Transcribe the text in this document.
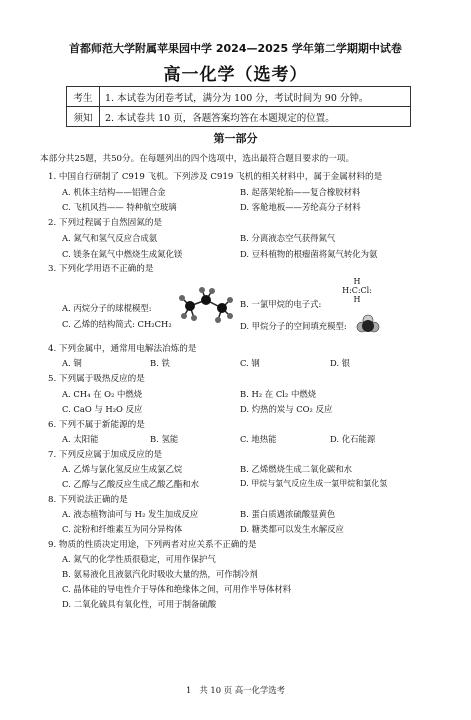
首都师范大学附属苹果园中学 2024—2025 学年第二学期期中试卷
高一化学（选考）
考生	1. 本试卷为闭卷考试，满分为 100 分，考试时间为 90 分钟。
须知	2. 本试卷共 10 页，各题答案均答在本题规定的位置。
第一部分
本部分共25题，共50分。在每题列出的四个选项中，选出最符合题目要求的一项。
1. 中国自行研制了 C919 飞机。下列涉及 C919 飞机的相关材料中，属于金属材料的是
A. 机体主结构——铝锂合金	B. 起落架轮胎——复合橡胶材料
C. 飞机风挡—— 特种航空玻璃	D. 客舱地板——芳纶高分子材料
2. 下列过程属于自然固氮的是
A. 氮气和氢气反应合成氨	B. 分离液态空气获得氮气
C. 镁条在氮气中燃烧生成氮化镁	D. 豆科植物的根瘤菌将氮气转化为氨
3. 下列化学用语不正确的是
A. 丙烷分子的球棍模型:	B. 一氯甲烷的电子式:
H
H:C:Cl:
H
C. 乙烯的结构简式: CH₂CH₂	D. 甲烷分子的空间填充模型:
4. 下列金属中，通常用电解法冶炼的是
A. 铜	B. 铁	C. 钢	D. 银
5. 下列属于吸热反应的是
A. CH₄ 在 O₂ 中燃烧	B. H₂ 在 Cl₂ 中燃烧
C. CaO 与 H₂O 反应	D. 灼热的炭与 CO₂ 反应
6. 下列不属于新能源的是
A. 太阳能	B. 氢能	C. 地热能	D. 化石能源
7. 下列反应属于加成反应的是
A. 乙烯与氯化氢反应生成氯乙烷	B. 乙烯燃烧生成二氧化碳和水
C. 乙醇与乙酸反应生成乙酸乙酯和水	D. 甲烷与氯气反应生成一氯甲烷和氯化氢
8. 下列说法正确的是
A. 液态植物油可与 H₂ 发生加成反应	B. 蛋白质遇浓硫酸显黄色
C. 淀粉和纤维素互为同分异构体	D. 糖类都可以发生水解反应
9. 物质的性质决定用途，下列两者对应关系不正确的是
A. 氮气的化学性质很稳定，可用作保护气
B. 氨易液化且液氨汽化时吸收大量的热，可作制冷剂
C. 晶体硅的导电性介于导体和绝缘体之间，可用作半导体材料
D. 二氧化硫具有氧化性，可用于制备硫酸
1 共 10 页 高一化学选考
